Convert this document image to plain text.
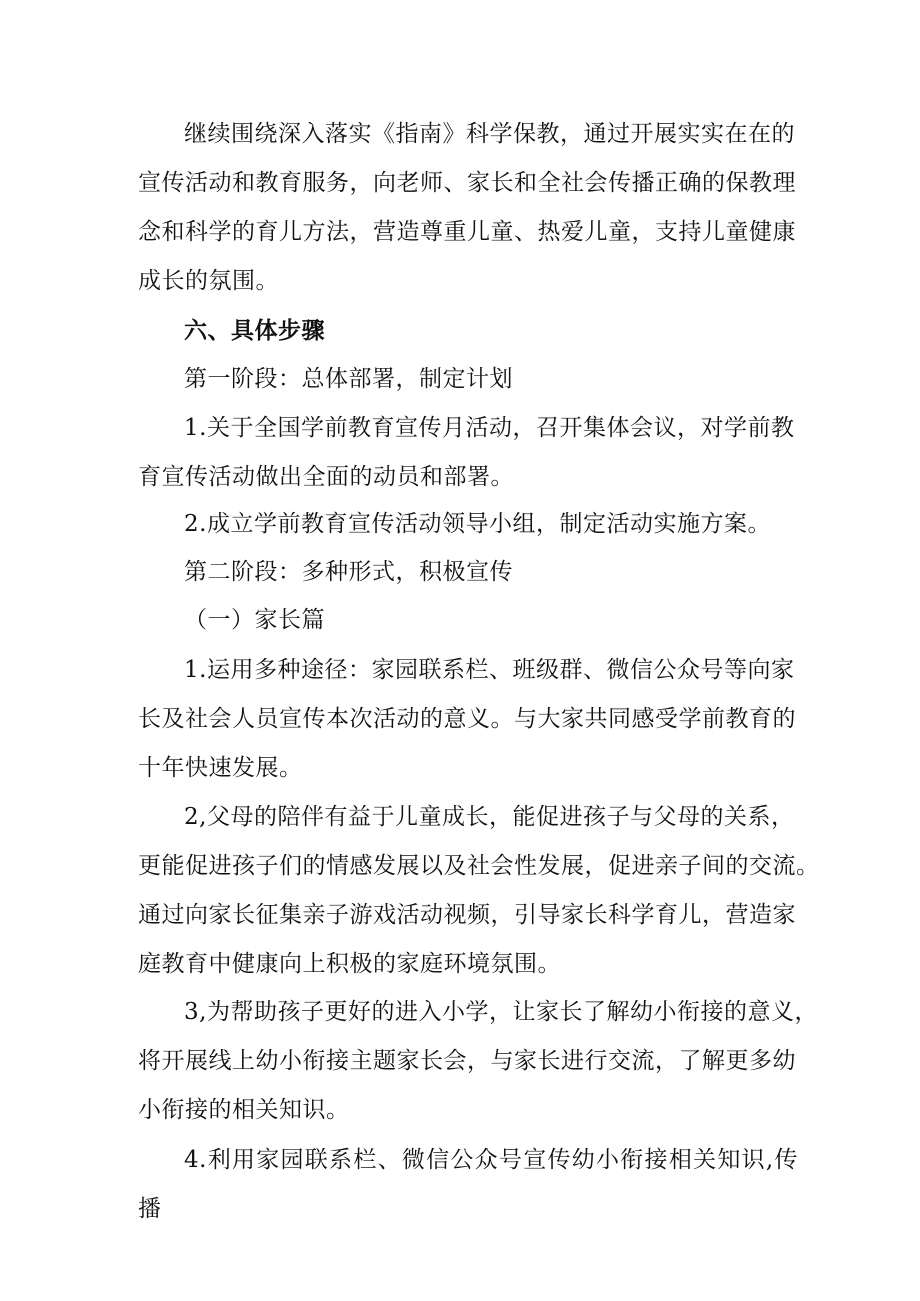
继续围绕深入落实《指南》科学保教，通过开展实实在在的
宣传活动和教育服务，向老师、家长和全社会传播正确的保教理
念和科学的育儿方法，营造尊重儿童、热爱儿童，支持儿童健康
成长的氛围。
六、具体步骤
第一阶段：总体部署，制定计划
1.关于全国学前教育宣传月活动，召开集体会议，对学前教
育宣传活动做出全面的动员和部署。
2.成立学前教育宣传活动领导小组，制定活动实施方案。
第二阶段：多种形式，积极宣传
（一）家长篇
1.运用多种途径：家园联系栏、班级群、微信公众号等向家
长及社会人员宣传本次活动的意义。与大家共同感受学前教育的
十年快速发展。
2,父母的陪伴有益于儿童成长，能促进孩子与父母的关系，
更能促进孩子们的情感发展以及社会性发展，促进亲子间的交流。
通过向家长征集亲子游戏活动视频，引导家长科学育儿，营造家
庭教育中健康向上积极的家庭环境氛围。
3,为帮助孩子更好的进入小学，让家长了解幼小衔接的意义，
将开展线上幼小衔接主题家长会，与家长进行交流，了解更多幼
小衔接的相关知识。
4.利用家园联系栏、微信公众号宣传幼小衔接相关知识,传播
